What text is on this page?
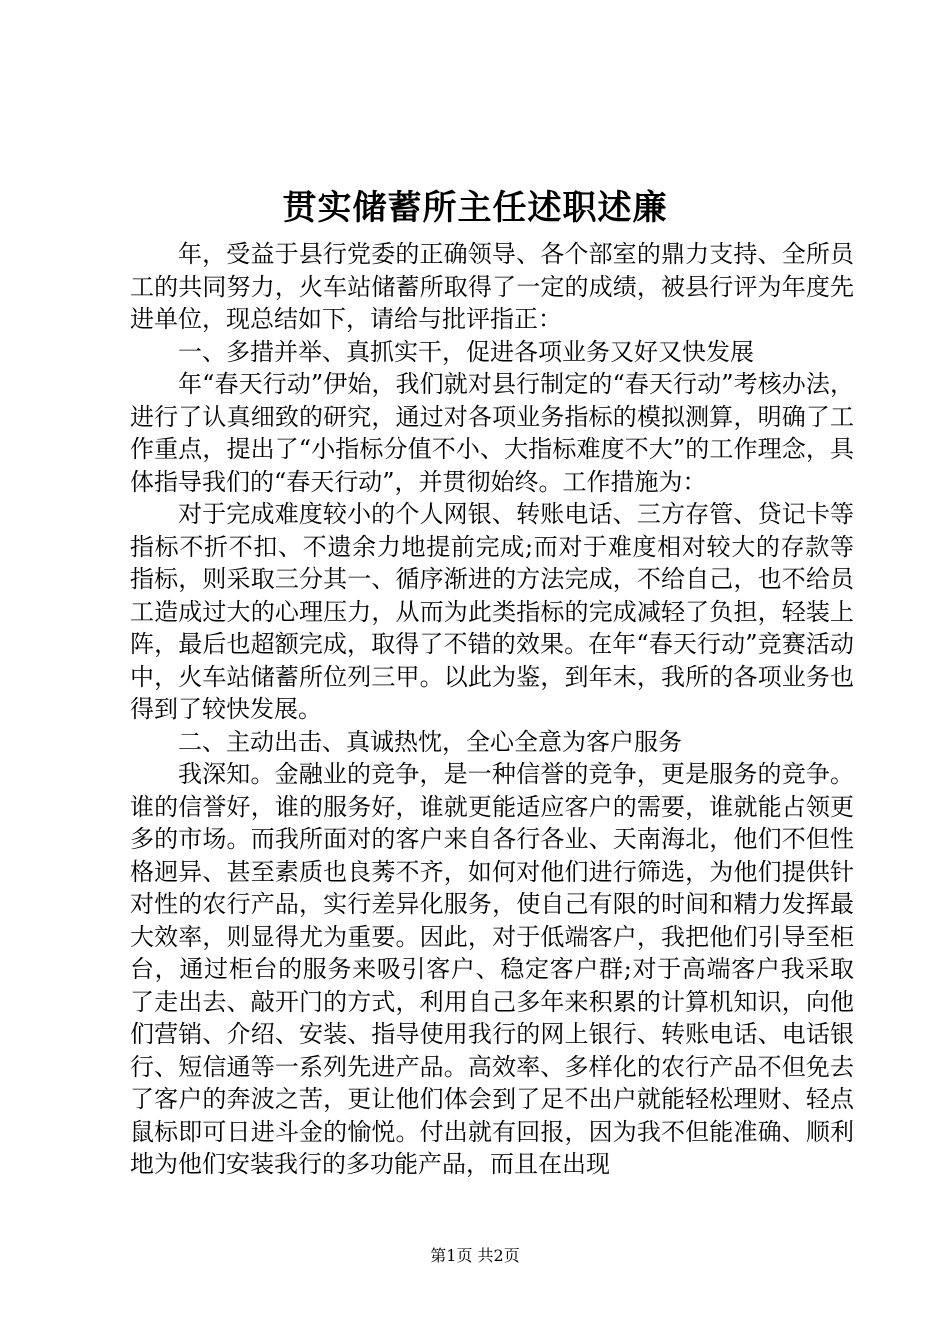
贯实储蓄所主任述职述廉

年，受益于县行党委的正确领导、各个部室的鼎力支持、全所员工的共同努力，火车站储蓄所取得了一定的成绩，被县行评为年度先进单位，现总结如下，请给与批评指正：

一、多措并举、真抓实干，促进各项业务又好又快发展

年“春天行动”伊始，我们就对县行制定的“春天行动”考核办法，进行了认真细致的研究，通过对各项业务指标的模拟测算，明确了工作重点，提出了“小指标分值不小、大指标难度不大”的工作理念，具体指导我们的“春天行动”，并贯彻始终。工作措施为：

对于完成难度较小的个人网银、转账电话、三方存管、贷记卡等指标不折不扣、不遗余力地提前完成;而对于难度相对较大的存款等指标，则采取三分其一、循序渐进的方法完成，不给自己，也不给员工造成过大的心理压力，从而为此类指标的完成减轻了负担，轻装上阵，最后也超额完成，取得了不错的效果。在年“春天行动”竞赛活动中，火车站储蓄所位列三甲。以此为鉴，到年末，我所的各项业务也得到了较快发展。

二、主动出击、真诚热忱，全心全意为客户服务

我深知。金融业的竞争，是一种信誉的竞争，更是服务的竞争。谁的信誉好，谁的服务好，谁就更能适应客户的需要，谁就能占领更多的市场。而我所面对的客户来自各行各业、天南海北，他们不但性格迥异、甚至素质也良莠不齐，如何对他们进行筛选，为他们提供针对性的农行产品，实行差异化服务，使自己有限的时间和精力发挥最大效率，则显得尤为重要。因此，对于低端客户，我把他们引导至柜台，通过柜台的服务来吸引客户、稳定客户群;对于高端客户我采取了走出去、敲开门的方式，利用自己多年来积累的计算机知识，向他们营销、介绍、安装、指导使用我行的网上银行、转账电话、电话银行、短信通等一系列先进产品。高效率、多样化的农行产品不但免去了客户的奔波之苦，更让他们体会到了足不出户就能轻松理财、轻点鼠标即可日进斗金的愉悦。付出就有回报，因为我不但能准确、顺利地为他们安装我行的多功能产品，而且在出现

第1页 共2页
